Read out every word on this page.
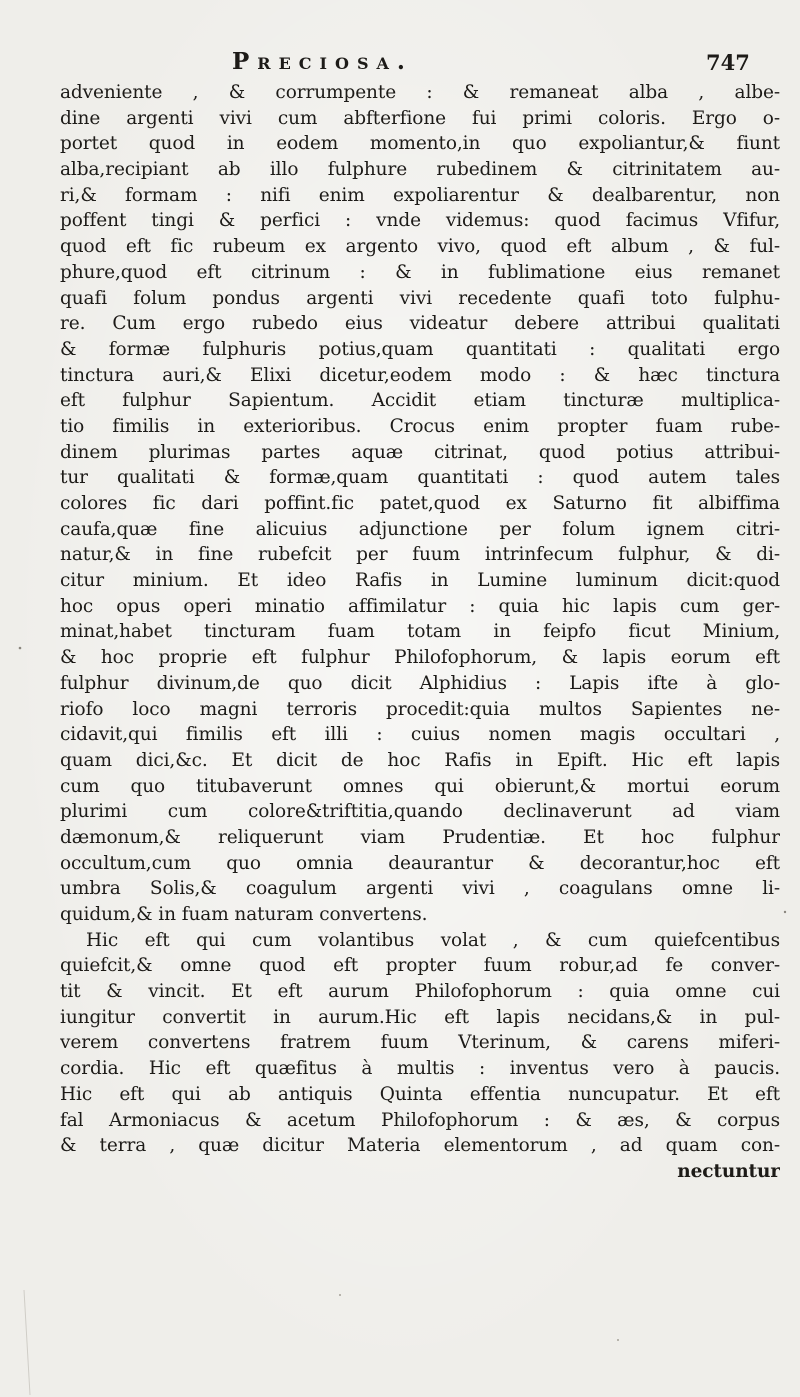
Preciosa.	747
adveniente , & corrumpente : & remaneat alba , albe-
dine argenti vivi cum abfterfione fui primi coloris. Ergo o-
portet quod in eodem momento,in quo expoliantur,& fiunt
alba,recipiant ab illo fulphure rubedinem & citrinitatem au-
ri,& formam : nifi enim expoliarentur & dealbarentur, non
poffent tingi & perfici : vnde videmus: quod facimus Vfifur,
quod eft fic rubeum ex argento vivo, quod eft album , & ful-
phure,quod eft citrinum : & in fublimatione eius remanet
quafi folum pondus argenti vivi recedente quafi toto fulphu-
re. Cum ergo rubedo eius videatur debere attribui qualitati
& formæ fulphuris potius,quam quantitati : qualitati ergo
tinctura auri,& Elixi dicetur,eodem modo : & hæc tinctura
eft fulphur Sapientum. Accidit etiam tincturæ multiplica-
tio fimilis in exterioribus. Crocus enim propter fuam rube-
dinem plurimas partes aquæ citrinat, quod potius attribui-
tur qualitati & formæ,quam quantitati : quod autem tales
colores fic dari poffint.fic patet,quod ex Saturno fit albiffima
caufa,quæ fine alicuius adjunctione per folum ignem citri-
natur,& in fine rubefcit per fuum intrinfecum fulphur, & di-
citur minium. Et ideo Rafis in Lumine luminum dicit:quod
hoc opus operi minatio affimilatur : quia hic lapis cum ger-
minat,habet tincturam fuam totam in feipfo ficut Minium,
& hoc proprie eft fulphur Philofophorum, & lapis eorum eft
fulphur divinum,de quo dicit Alphidius : Lapis ifte à glo-
riofo loco magni terroris procedit:quia multos Sapientes ne-
cidavit,qui fimilis eft illi : cuius nomen magis occultari ,
quam dici,&c. Et dicit de hoc Rafis in Epift. Hic eft lapis
cum quo titubaverunt omnes qui obierunt,& mortui eorum
plurimi cum colore&triftitia,quando declinaverunt ad viam
dæmonum,& reliquerunt viam Prudentiæ. Et hoc fulphur
occultum,cum quo omnia deaurantur & decorantur,hoc eft
umbra Solis,& coagulum argenti vivi , coagulans omne li-
quidum,& in fuam naturam convertens.
Hic eft qui cum volantibus volat , & cum quiefcentibus
quiefcit,& omne quod eft propter fuum robur,ad fe conver-
tit & vincit. Et eft aurum Philofophorum : quia omne cui
iungitur convertit in aurum.Hic eft lapis necidans,& in pul-
verem convertens fratrem fuum Vterinum, & carens miferi-
cordia. Hic eft quæfitus à multis : inventus vero à paucis.
Hic eft qui ab antiquis Quinta effentia nuncupatur. Et eft
fal Armoniacus & acetum Philofophorum : & æs, & corpus
& terra , quæ dicitur Materia elementorum , ad quam con-
nectuntur
